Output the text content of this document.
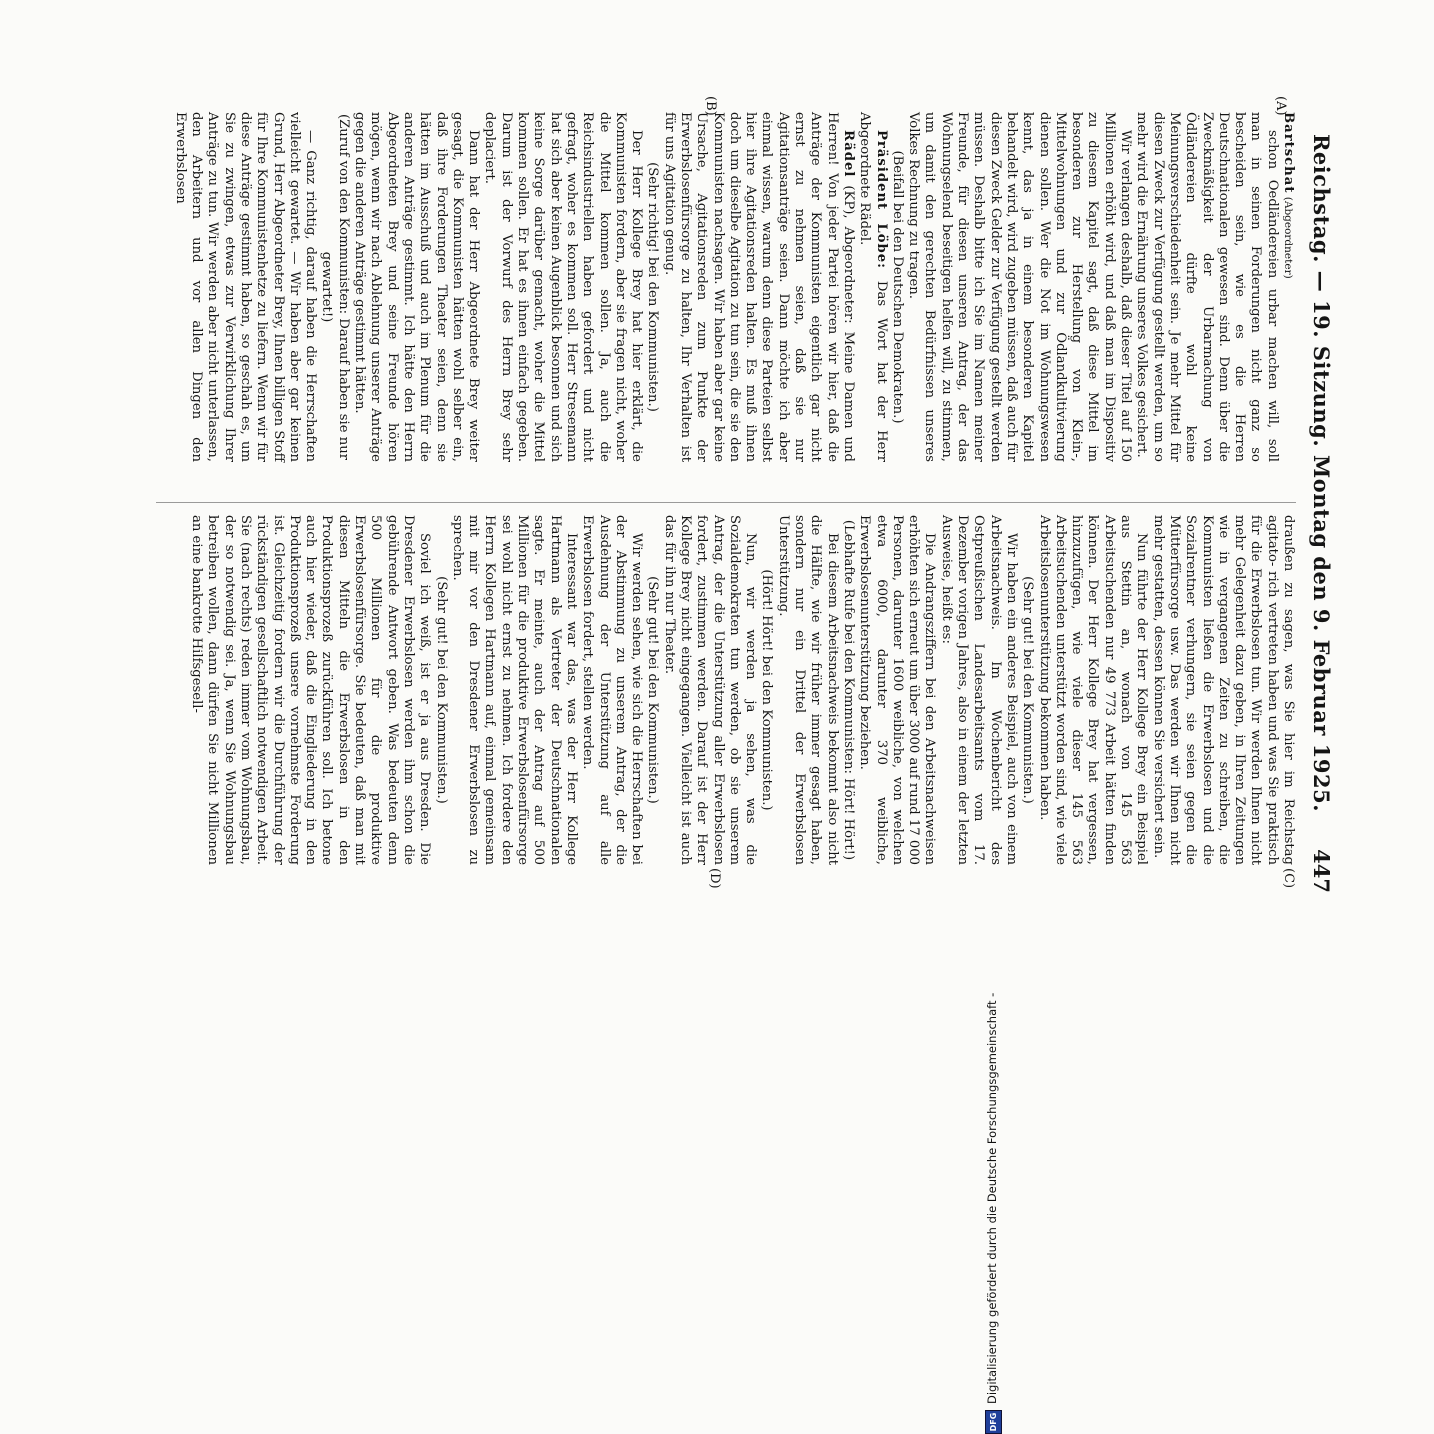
Reichstag. — 19. Sitzung. Montag den 9. Februar 1925.
447
(A)
(B)
(C)
(D)

Bartschat (Abgeordneter)

schon Oedländereien urbar machen will, soll man in seinen Forderungen nicht ganz so bescheiden sein, wie es die Herren Deutschnationalen gewesen sind. Denn über die Zweckmäßigkeit der Urbarmachung von Ödländereien dürfte wohl keine Meinungsverschiedenheit sein. Je mehr Mittel für diesen Zweck zur Verfügung gestellt werden, um so mehr wird die Ernährung unseres Volkes gesichert.

Wir verlangen deshalb, daß dieser Titel auf 150 Millionen erhöht wird, und daß man im Dispositiv zu diesem Kapitel sagt, daß diese Mittel im besonderen zur Herstellung von Klein-, Mittelwohnungen und zur Ödlandkultivierung dienen sollen. Wer die Not im Wohnungswesen kennt, das ja in einem besonderen Kapitel behandelt wird, wird zugeben müssen, daß auch für diesen Zweck Gelder zur Verfügung gestellt werden müssen. Deshalb bitte ich Sie im Namen meiner Freunde, für diesen unseren Antrag, der das Wohnungselend beseitigen helfen will, zu stimmen, um damit den gerechten Bedürfnissen unseres Volkes Rechnung zu tragen.

(Beifall bei den Deutschen Demokraten.)

Präsident Löbe: Das Wort hat der Herr Abgeordnete Rädel.

Rädel (KP), Abgeordneter: Meine Damen und Herren! Von jeder Partei hören wir hier, daß die Anträge der Kommunisten eigentlich gar nicht ernst zu nehmen seien, daß sie nur Agitationsanträge seien. Dann möchte ich aber einmal wissen, warum denn diese Parteien selbst hier ihre Agitationsreden halten. Es muß ihnen doch um dieselbe Agitation zu tun sein, die sie den Kommunisten nachsagen. Wir haben aber gar keine Ursache, Agitationsreden zum Punkte der Erwerbslosenfürsorge zu halten, Ihr Verhalten ist für uns Agitation genug.

(Sehr richtig! bei den Kommunisten.)

Der Herr Kollege Brey hat hier erklärt, die Kommunisten fordern, aber sie fragen nicht, woher die Mittel kommen sollen. Ja, auch die Reichsindustriellen haben gefordert und nicht gefragt, woher es kommen soll. Herr Stresemann hat sich aber keinen Augenblick besonnen und sich keine Sorge darüber gemacht, woher die Mittel kommen sollen. Er hat es ihnen einfach gegeben. Darum ist der Vorwurf des Herrn Brey sehr deplaciert.

Dann hat der Herr Abgeordnete Brey weiter gesagt, die Kommunisten hätten wohl selber ein, daß ihre Forderungen Theater seien, denn sie hätten im Ausschuß und auch im Plenum für die anderen Anträge gestimmt. Ich hätte den Herrn Abgeordneten Brey und seine Freunde hören mögen, wenn wir nach Ablehnung unserer Anträge gegen die anderen Anträge gestimmt hätten.

(Zuruf von den Kommunisten: Darauf haben sie nur gewartet!)

— Ganz richtig, darauf haben die Herrschaften vielleicht gewartet. — Wir haben aber gar keinen Grund, Herr Abgeordneter Brey, Ihnen billigen Stoff für Ihre Kommunistenhetze zu liefern. Wenn wir für diese Anträge gestimmt haben, so geschah es, um Sie zu zwingen, etwas zur Verwirklichung Ihrer Anträge zu tun. Wir werden aber nicht unterlassen, den Arbeitern und vor allen Dingen den Erwerbslosen

draußen zu sagen, was Sie hier im Reichstag agitato- rich vertreten haben und was Sie praktisch für die Erwerbslosen tun. Wir werden Ihnen nicht mehr Gelegenheit dazu geben, in Ihren Zeitungen wie in vergangenen Zeiten zu schreiben, die Kommunisten ließen die Erwerbslosen und die Sozialrentner verhungern, sie seien gegen die Mütterfürsorge usw. Das werden wir Ihnen nicht mehr gestatten, dessen können Sie versichert sein.

Nun führte der Herr Kollege Brey ein Beispiel aus Stettin an, wonach von 145 563 Arbeitsuchenden nur 49 773 Arbeit hätten finden können. Der Herr Kollege Brey hat vergessen, hinzuzufügen, wie viele dieser 145 563 Arbeitsuchenden unterstützt worden sind, wie viele Arbeitslosenunterstützung bekommen haben.

(Sehr gut! bei den Kommunisten.)

Wir haben ein anderes Beispiel, auch von einem Arbeitsnachweis. Im Wochenbericht des Ostpreußischen Landesarbeitsamts vom 17. Dezember vorigen Jahres, also in einem der letzten Ausweise, heißt es:

Die Andrangsziffern bei den Arbeitsnachweisen erhöhten sich erneut um über 3000 auf rund 17 000 Personen, darunter 1600 weibliche, von welchen etwa 6000, darunter 370 weibliche, Erwerbslosenunterstützung beziehen.

(Lebhafte Rufe bei den Kommunisten: Hört! Hört!)

Bei diesem Arbeitsnachweis bekommt also nicht die Hälfte, wie wir früher immer gesagt haben, sondern nur ein Drittel der Erwerbslosen Unterstützung.

(Hört! Hört! bei den Kommunisten.)

Nun, wir werden ja sehen, was die Sozialdemokraten tun werden, ob sie unserem Antrag, der die Unterstützung aller Erwerbslosen fordert, zustimmen werden. Darauf ist der Herr Kollege Brey nicht eingegangen. Vielleicht ist auch das für ihn nur Theater.

(Sehr gut! bei den Kommunisten.)

Wir werden sehen, wie sich die Herrschaften bei der Abstimmung zu unserem Antrag, der die Ausdehnung der Unterstützung auf alle Erwerbslosen fordert, stellen werden.

Interessant war das, was der Herr Kollege Hartmann als Vertreter der Deutschnationalen sagte. Er meinte, auch der Antrag auf 500 Millionen für die produktive Erwerbslosenfürsorge sei wohl nicht ernst zu nehmen. Ich fordere den Herrn Kollegen Hartmann auf, einmal gemeinsam mit mir vor den Dresdener Erwerbslosen zu sprechen.

(Sehr gut! bei den Kommunisten.)

Soviel ich weiß, ist er ja aus Dresden. Die Dresdener Erwerbslosen werden ihm schon die gebührende Antwort geben. Was bedeuten denn 500 Millionen für die produktive Erwerbslosenfürsorge. Sie bedeuten, daß man mit diesen Mitteln die Erwerbslosen in den Produktionsprozeß zurückführen soll. Ich betone auch hier wieder, daß die Eingliederung in den Produktionsprozeß unsere vornehmste Forderung ist. Gleichzeitig fordern wir die Durchführung der rückständigen gesellschaftlich notwendigen Arbeit. Sie (nach rechts) reden immer vom Wohnungsbau, der so notwendig sei. Ja, wenn Sie Wohnungsbau betreiben wollen, dann dürfen Sie nicht Millionen an eine bankrotte Hilfsgesell-

DFG
Digitalisierung gefördert durch die Deutsche Forschungsgemeinschaft -
